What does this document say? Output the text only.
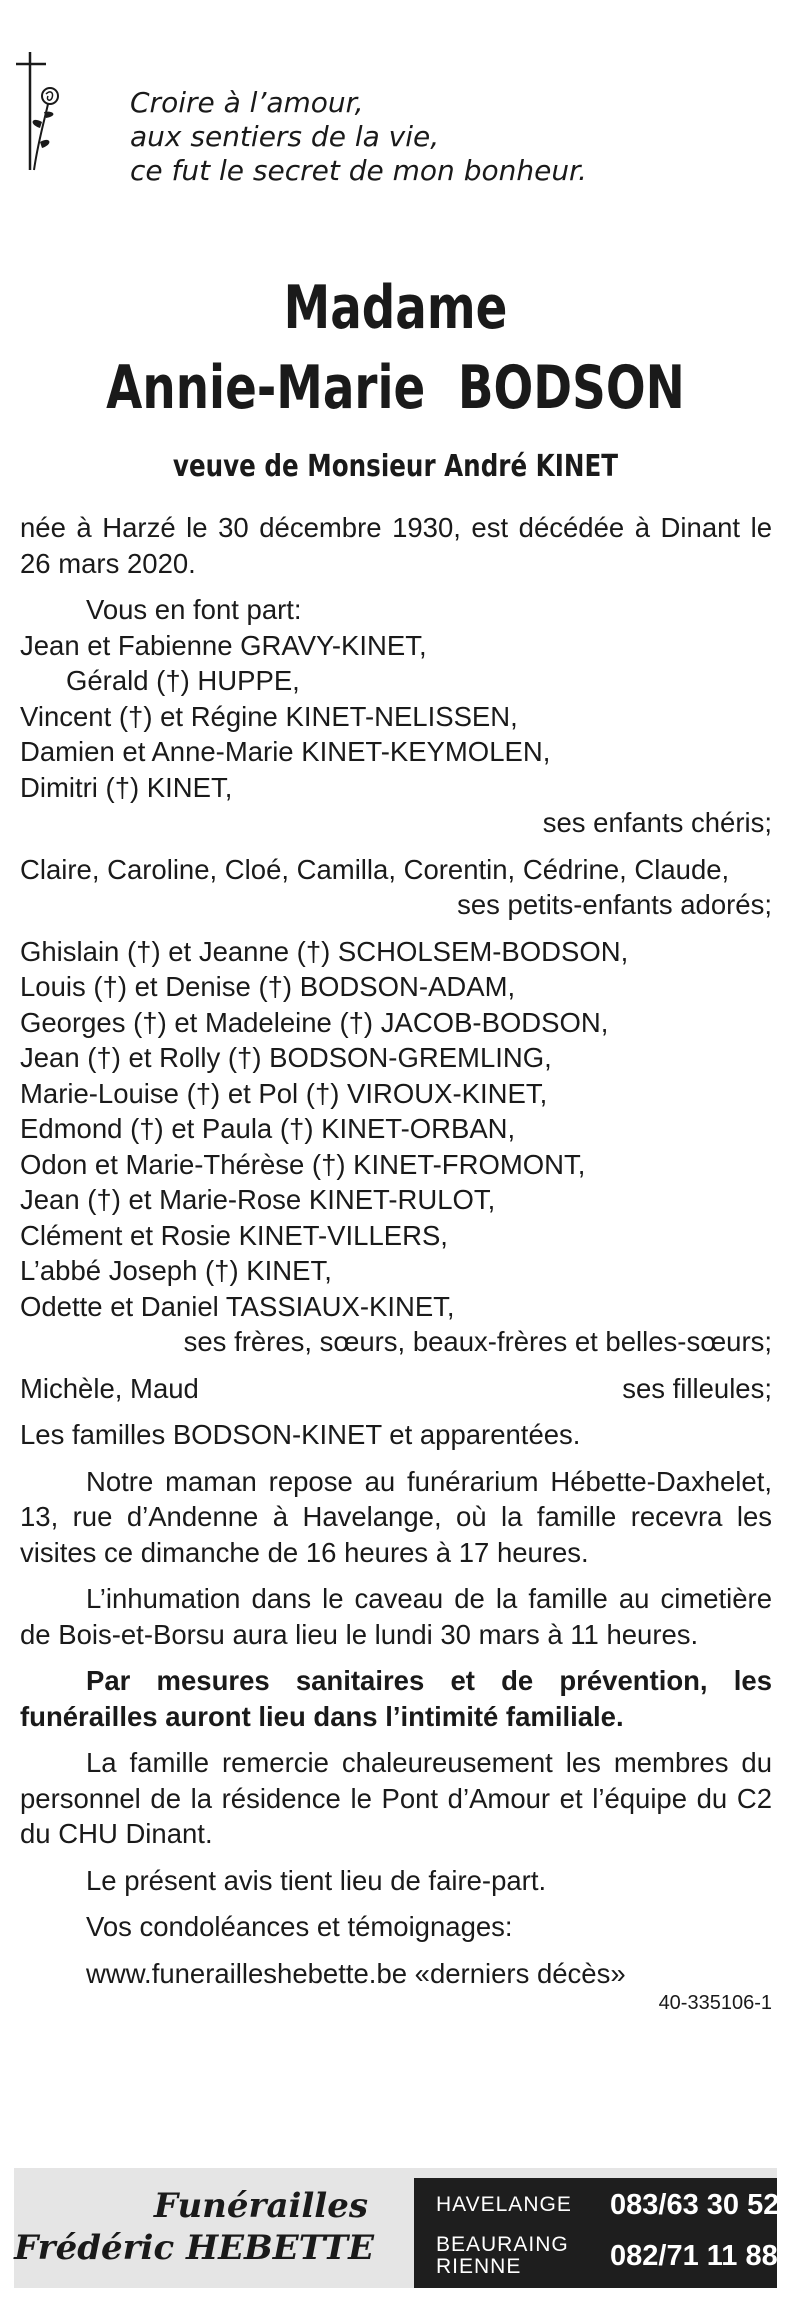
Croire à l’amour,
aux sentiers de la vie,
ce fut le secret de mon bonheur.
Madame
Annie-Marie  BODSON
veuve de Monsieur André KINET

née à Harzé le 30 décembre 1930, est décédée à Dinant le 26 mars 2020.

Vous en font part:

Jean et Fabienne GRAVY-KINET,

Gérald (†) HUPPE,

Vincent (†) et Régine KINET-NELISSEN,

Damien et Anne-Marie KINET-KEYMOLEN,

Dimitri (†) KINET,

ses enfants chéris;

Claire, Caroline, Cloé, Camilla, Corentin, Cédrine, Claude,

ses petits-enfants adorés;

Ghislain (†) et Jeanne (†) SCHOLSEM-BODSON,

Louis (†) et Denise (†) BODSON-ADAM,

Georges (†) et Madeleine (†) JACOB-BODSON,

Jean (†) et Rolly (†) BODSON-GREMLING,

Marie-Louise (†) et Pol (†) VIROUX-KINET,

Edmond (†) et Paula (†) KINET-ORBAN,

Odon et Marie-Thérèse (†) KINET-FROMONT,

Jean (†) et Marie-Rose KINET-RULOT,

Clément et Rosie KINET-VILLERS,

L’abbé Joseph (†) KINET,

Odette et Daniel TASSIAUX-KINET,

ses frères, sœurs, beaux-frères et belles-sœurs;

Michèle, Maud	ses filleules;

Les familles BODSON-KINET et apparentées.

Notre maman repose au funérarium Hébette-Daxhelet, 13, rue d’Andenne à Havelange, où la famille recevra les visites ce dimanche de 16 heures à 17 heures.

L’inhumation dans le caveau de la famille au cimetière de Bois-et-Borsu aura lieu le lundi 30 mars à 11 heures.

Par mesures sanitaires et de prévention, les funérailles auront lieu dans l’intimité familiale.

La famille remercie chaleureusement les membres du personnel de la résidence le Pont d’Amour et l’équipe du C2 du CHU Dinant.

Le présent avis tient lieu de faire-part.

Vos condoléances et témoignages:

www.funerailleshebette.be «derniers décès»

40-335106-1

Funérailles
Frédéric HEBETTE
HAVELANGE 083/63 30 52
BEAURAING
RIENNE	082/71 11 88
